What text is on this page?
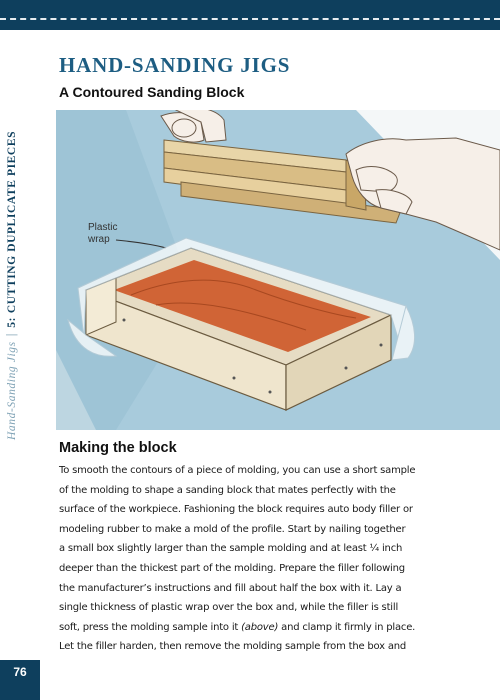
Hand-Sanding Jigs|5: CUTTING DUPLICATE PIECES
HAND-SANDING JIGS
A Contoured Sanding Block
Plastic
wrap
Making the block
To smooth the contours of a piece of molding, you can use a short sample
of the molding to shape a sanding block that mates perfectly with the
surface of the workpiece. Fashioning the block requires auto body filler or
modeling rubber to make a mold of the profile. Start by nailing together
a small box slightly larger than the sample molding and at least ¼ inch
deeper than the thickest part of the molding. Prepare the filler following
the manufacturer’s instructions and fill about half the box with it. Lay a
single thickness of plastic wrap over the box and, while the filler is still
soft, press the molding sample into it (above) and clamp it firmly in place.
Let the filler harden, then remove the molding sample from the box and
76
